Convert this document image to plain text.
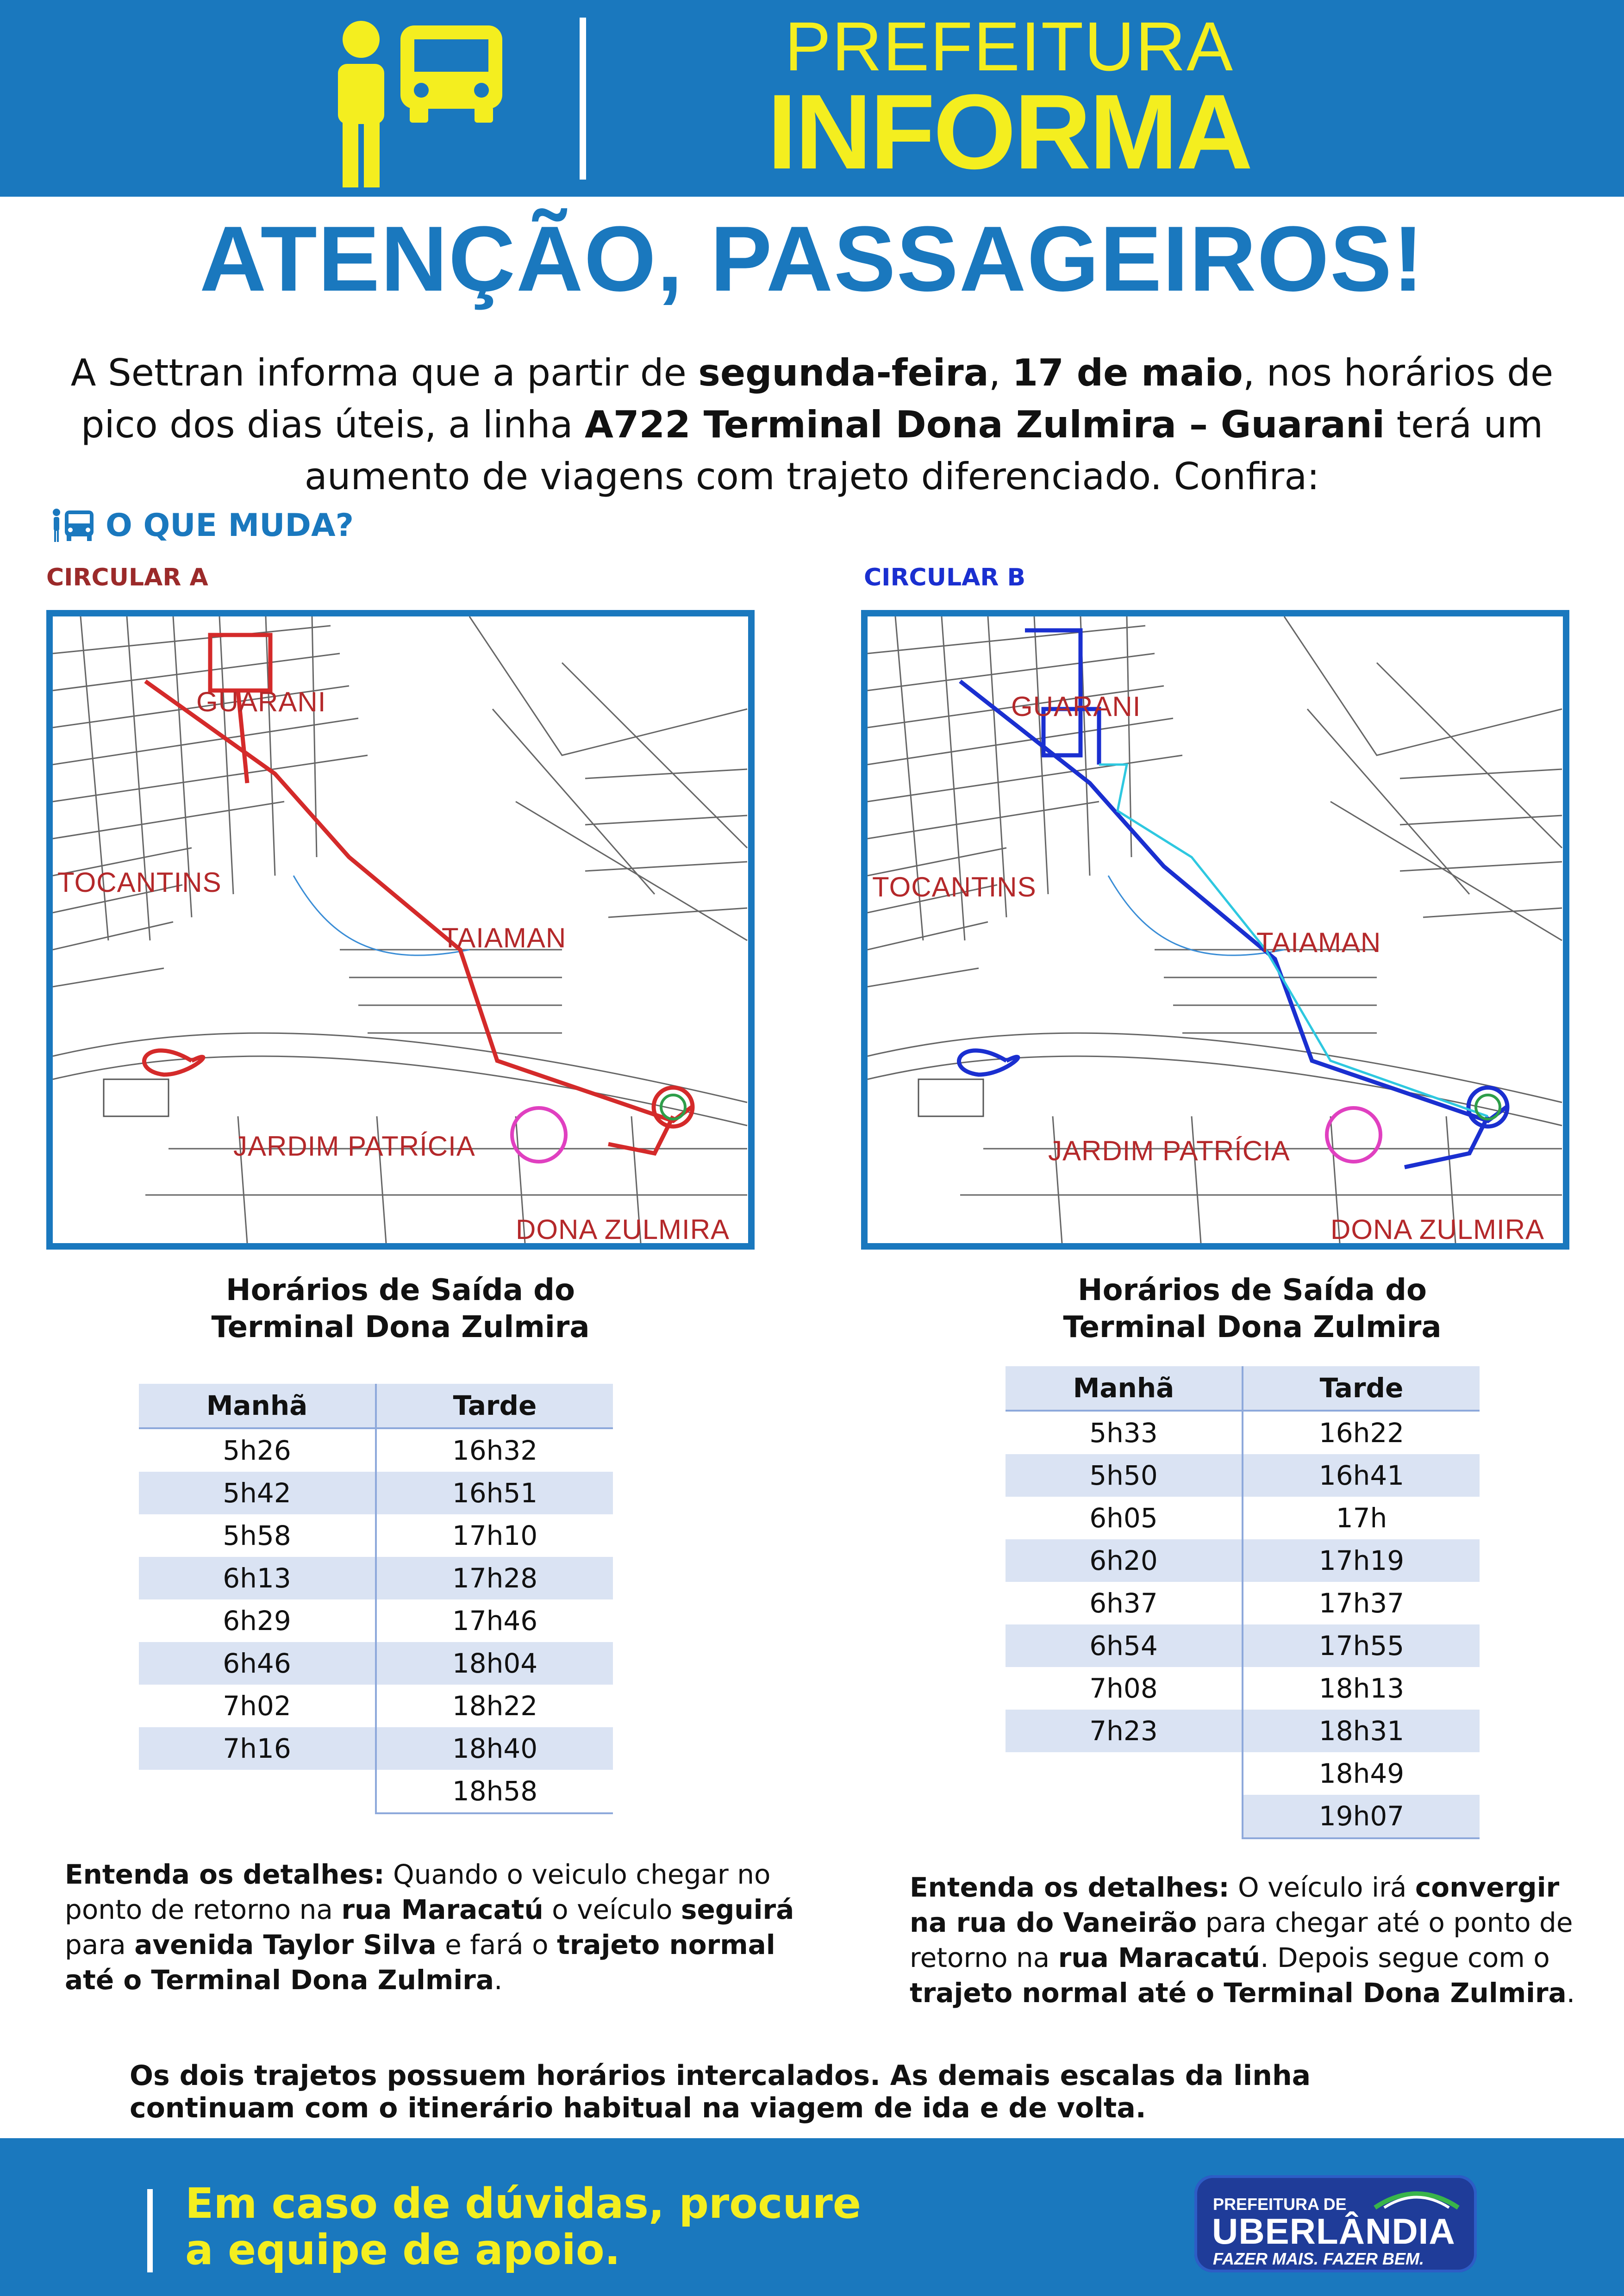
PREFEITURA
INFORMA
ATENÇÃO, PASSAGEIROS!
A Settran informa que a partir de segunda-feira, 17 de maio, nos horários de pico dos dias úteis, a linha A722 Terminal Dona Zulmira – Guarani terá um aumento de viagens com trajeto diferenciado. Confira:
O QUE MUDA?
CIRCULAR A	CIRCULAR B
GUARANI
TOCANTINS
TAIAMAN
JARDIM PATRÍCIA
DONA ZULMIRA
GUARANI
TOCANTINS
TAIAMAN
JARDIM PATRÍCIA
DONA ZULMIRA
Horários de Saída do
Terminal Dona Zulmira
Horários de Saída do
Terminal Dona Zulmira
Manhã	Tarde
5h26	16h32
5h42	16h51
5h58	17h10
6h13	17h28
6h29	17h46
6h46	18h04
7h02	18h22
7h16	18h40
	18h58
Manhã	Tarde
5h33	16h22
5h50	16h41
6h05	17h
6h20	17h19
6h37	17h37
6h54	17h55
7h08	18h13
7h23	18h31
	18h49
	19h07
Entenda os detalhes: Quando o veiculo chegar no ponto de retorno na rua Maracatú o veículo seguirá para avenida Taylor Silva e fará o trajeto normal até o Terminal Dona Zulmira.
Entenda os detalhes: O veículo irá convergir na rua do Vaneirão para chegar até o ponto de retorno na rua Maracatú. Depois segue com o trajeto normal até o Terminal Dona Zulmira.
Os dois trajetos possuem horários intercalados. As demais escalas da linha continuam com o itinerário habitual na viagem de ida e de volta.
Em caso de dúvidas, procure
a equipe de apoio.
PREFEITURA DE
UBERLÂNDIA
FAZER MAIS. FAZER BEM.
